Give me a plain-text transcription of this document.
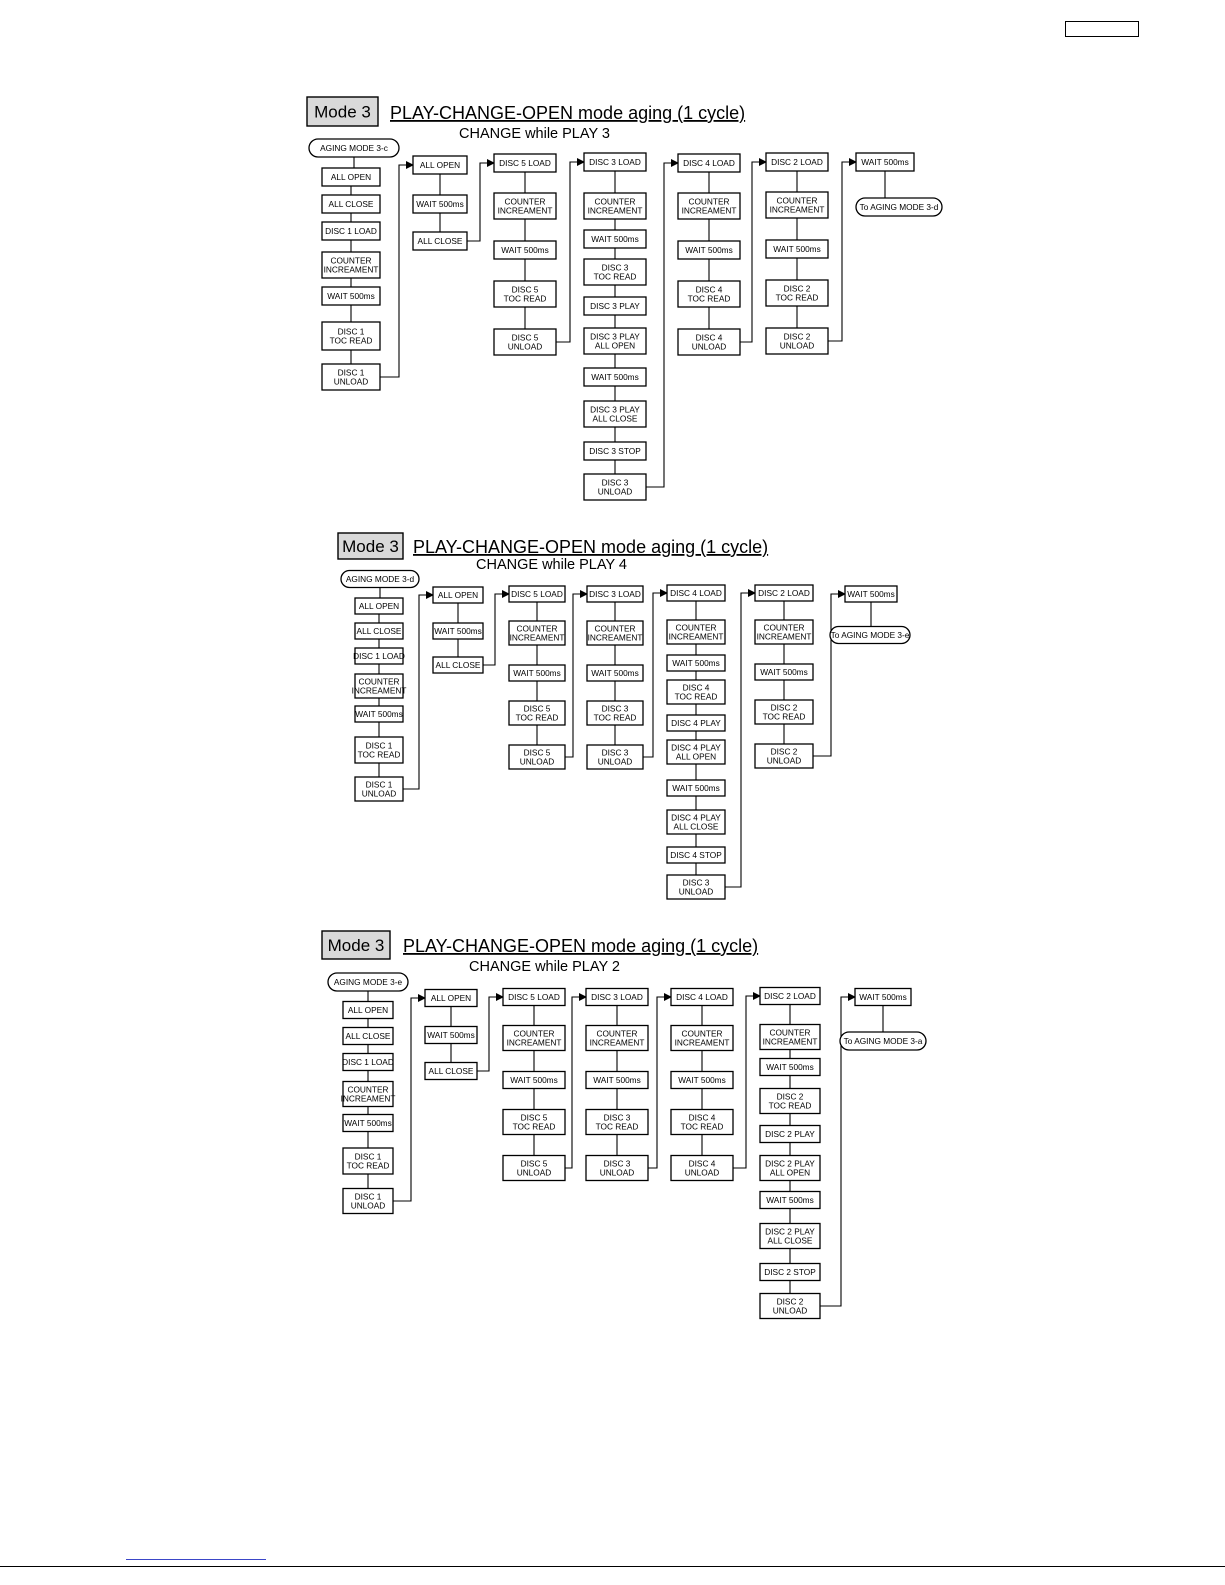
Mode 3 PLAY-CHANGE-OPEN mode aging (1 cycle)
CHANGE while PLAY 3
AGING MODE 3-c
ALL OPEN
ALL CLOSE
DISC 1 LOAD
COUNTER
INCREAMENT
WAIT 500ms
DISC 1
TOC READ
DISC 1
UNLOAD
ALL OPEN
WAIT 500ms
ALL CLOSE
DISC 5 LOAD
COUNTER
INCREAMENT
WAIT 500ms
DISC 5
TOC READ
DISC 5
UNLOAD
DISC 3 LOAD
COUNTER
INCREAMENT
WAIT 500ms
DISC 3
TOC READ
DISC 3 PLAY
DISC 3 PLAY
ALL OPEN
WAIT 500ms
DISC 3 PLAY
ALL CLOSE
DISC 3 STOP
DISC 3
UNLOAD
DISC 4 LOAD
COUNTER
INCREAMENT
WAIT 500ms
DISC 4
TOC READ
DISC 4
UNLOAD
DISC 2 LOAD
COUNTER
INCREAMENT
WAIT 500ms
DISC 2
TOC READ
DISC 2
UNLOAD
WAIT 500ms
To AGING MODE 3-d
Mode 3 PLAY-CHANGE-OPEN mode aging (1 cycle)
CHANGE while PLAY 4
AGING MODE 3-d
ALL OPEN
ALL CLOSE
DISC 1 LOAD
COUNTER
INCREAMENT
WAIT 500ms
DISC 1
TOC READ
DISC 1
UNLOAD
ALL OPEN
WAIT 500ms
ALL CLOSE
DISC 5 LOAD
COUNTER
INCREAMENT
WAIT 500ms
DISC 5
TOC READ
DISC 5
UNLOAD
DISC 3 LOAD
COUNTER
INCREAMENT
WAIT 500ms
DISC 3
TOC READ
DISC 3
UNLOAD
DISC 4 LOAD
COUNTER
INCREAMENT
WAIT 500ms
DISC 4
TOC READ
DISC 4 PLAY
DISC 4 PLAY
ALL OPEN
WAIT 500ms
DISC 4 PLAY
ALL CLOSE
DISC 4 STOP
DISC 3
UNLOAD
DISC 2 LOAD
COUNTER
INCREAMENT
WAIT 500ms
DISC 2
TOC READ
DISC 2
UNLOAD
WAIT 500ms
To AGING MODE 3-e
Mode 3 PLAY-CHANGE-OPEN mode aging (1 cycle)
CHANGE while PLAY 2
AGING MODE 3-e
ALL OPEN
ALL CLOSE
DISC 1 LOAD
COUNTER
INCREAMENT
WAIT 500ms
DISC 1
TOC READ
DISC 1
UNLOAD
ALL OPEN
WAIT 500ms
ALL CLOSE
DISC 5 LOAD
COUNTER
INCREAMENT
WAIT 500ms
DISC 5
TOC READ
DISC 5
UNLOAD
DISC 3 LOAD
COUNTER
INCREAMENT
WAIT 500ms
DISC 3
TOC READ
DISC 3
UNLOAD
DISC 4 LOAD
COUNTER
INCREAMENT
WAIT 500ms
DISC 4
TOC READ
DISC 4
UNLOAD
DISC 2 LOAD
COUNTER
INCREAMENT
WAIT 500ms
DISC 2
TOC READ
DISC 2 PLAY
DISC 2 PLAY
ALL OPEN
WAIT 500ms
DISC 2 PLAY
ALL CLOSE
DISC 2 STOP
DISC 2
UNLOAD
WAIT 500ms
To AGING MODE 3-a
